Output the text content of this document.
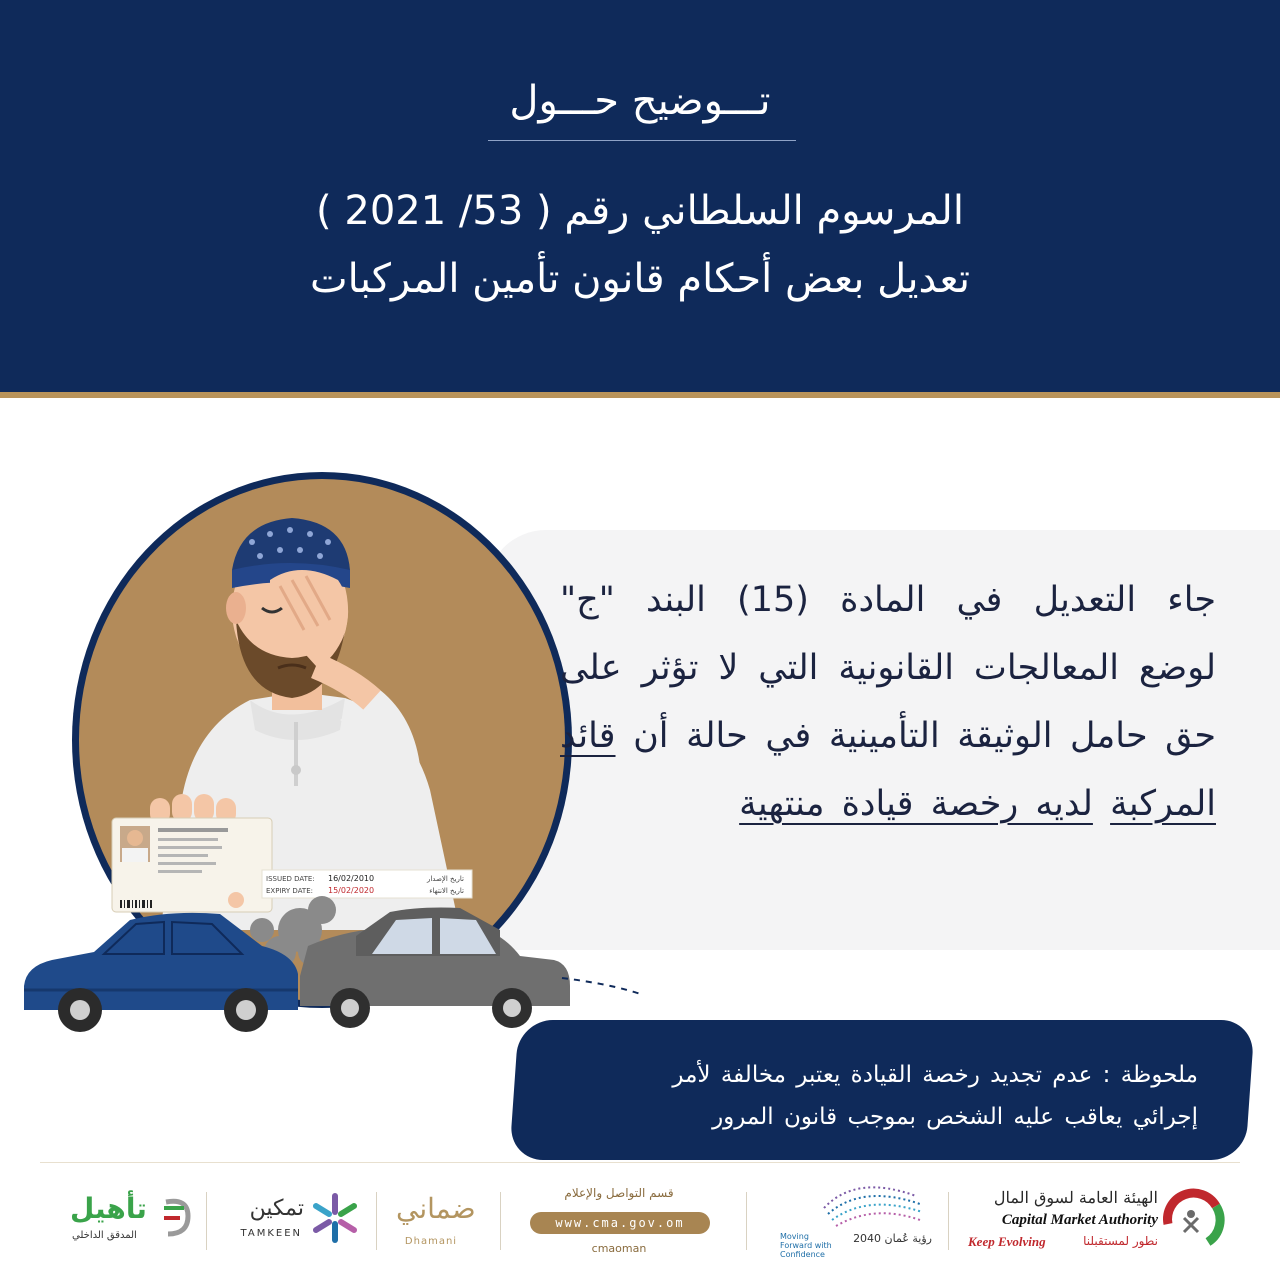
تـــوضيح حـــول
المرسوم السلطاني رقم ( 53/ 2021 )
تعديل بعض أحكام قانون تأمين المركبات
ISSUED DATE: 16/02/2010
EXPIRY DATE: 15/02/2020
تاريخ الإصدار
تاريخ الانتهاء
جاء التعديل في المادة (15) البند "ج" لوضع المعالجات القانونية التي لا تؤثر على حق حامل الوثيقة التأمينية في حالة أن قائد المركبة لديه رخصة قيادة منتهية
ملحوظة : عدم تجديد رخصة القيادة يعتبر مخالفة لأمر
إجرائي يعاقب عليه الشخص بموجب قانون المرور
الهيئة العامة لسوق المال
Capital Market Authority
Keep Evolving	نطور لمستقبلنا
رؤية عُمان 2040
Moving Forward with Confidence
قسم التواصل والإعلام
www.cma.gov.om
cmaoman
ضماني
Dhamani
تمكين
TAMKEEN
تأهيل
المدقق الداخلي
